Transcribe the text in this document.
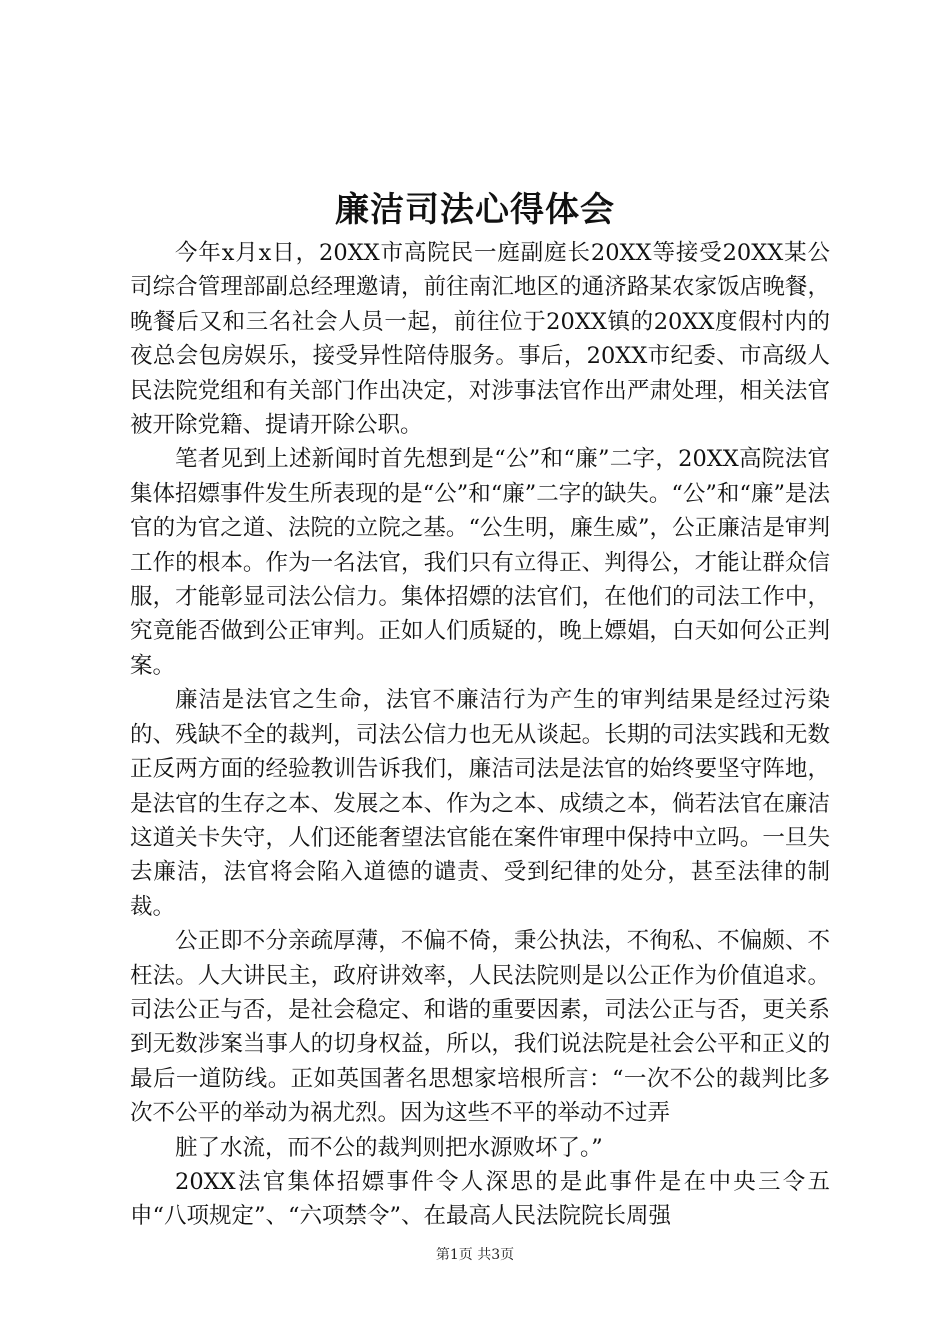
廉洁司法心得体会

今年x月x日，20XX市高院民一庭副庭长20XX等接受20XX某公司综合管理部副总经理邀请，前往南汇地区的通济路某农家饭店晚餐，晚餐后又和三名社会人员一起，前往位于20XX镇的20XX度假村内的夜总会包房娱乐，接受异性陪侍服务。事后，20XX市纪委、市高级人民法院党组和有关部门作出决定，对涉事法官作出严肃处理，相关法官被开除党籍、提请开除公职。

笔者见到上述新闻时首先想到是“公”和“廉”二字，20XX高院法官集体招嫖事件发生所表现的是“公”和“廉”二字的缺失。“公”和“廉”是法官的为官之道、法院的立院之基。“公生明，廉生威”，公正廉洁是审判工作的根本。作为一名法官，我们只有立得正、判得公，才能让群众信服，才能彰显司法公信力。集体招嫖的法官们，在他们的司法工作中，究竟能否做到公正审判。正如人们质疑的，晚上嫖娼，白天如何公正判案。

廉洁是法官之生命，法官不廉洁行为产生的审判结果是经过污染的、残缺不全的裁判，司法公信力也无从谈起。长期的司法实践和无数正反两方面的经验教训告诉我们，廉洁司法是法官的始终要坚守阵地，是法官的生存之本、发展之本、作为之本、成绩之本，倘若法官在廉洁这道关卡失守，人们还能奢望法官能在案件审理中保持中立吗。一旦失去廉洁，法官将会陷入道德的谴责、受到纪律的处分，甚至法律的制裁。

公正即不分亲疏厚薄，不偏不倚，秉公执法，不徇私、不偏颇、不枉法。人大讲民主，政府讲效率，人民法院则是以公正作为价值追求。司法公正与否，是社会稳定、和谐的重要因素，司法公正与否，更关系到无数涉案当事人的切身权益，所以，我们说法院是社会公平和正义的最后一道防线。正如英国著名思想家培根所言：“一次不公的裁判比多次不公平的举动为祸尤烈。因为这些不平的举动不过弄

脏了水流，而不公的裁判则把水源败坏了。”

20XX法官集体招嫖事件令人深思的是此事件是在中央三令五申“八项规定”、“六项禁令”、在最高人民法院院长周强

第1页 共3页
